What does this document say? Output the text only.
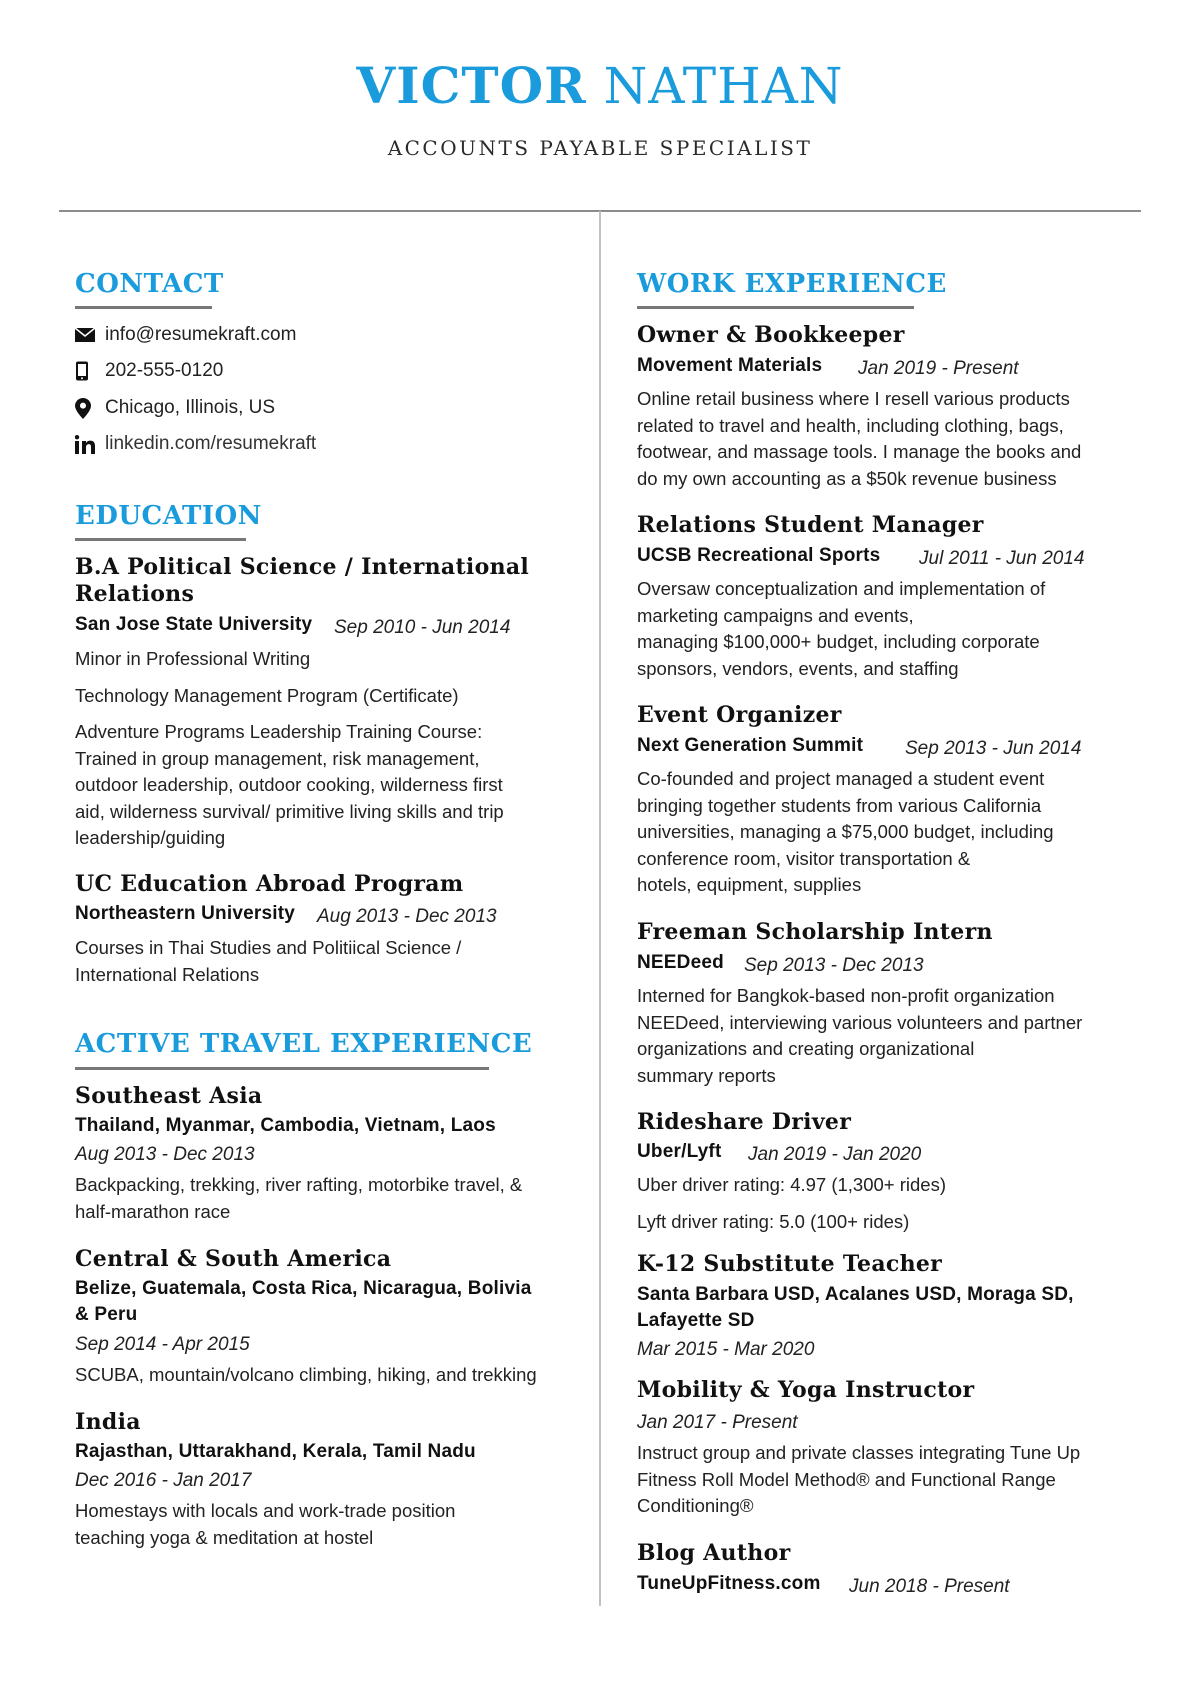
VICTOR NATHAN
ACCOUNTS PAYABLE SPECIALIST
CONTACT
info@resumekraft.com
202-555-0120
Chicago, Illinois, US
linkedin.com/resumekraft
EDUCATION
B.A Political Science / International
Relations
San Jose State University Sep 2010 - Jun 2014
Minor in Professional Writing
Technology Management Program (Certificate)
Adventure Programs Leadership Training Course:
Trained in group management, risk management,
outdoor leadership, outdoor cooking, wilderness first
aid, wilderness survival/ primitive living skills and trip
leadership/guiding
UC Education Abroad Program
Northeastern University Aug 2013 - Dec 2013
Courses in Thai Studies and Politiical Science /
International Relations
ACTIVE TRAVEL EXPERIENCE
Southeast Asia
Thailand, Myanmar, Cambodia, Vietnam, Laos
Aug 2013 - Dec 2013
Backpacking, trekking, river rafting, motorbike travel, &
half-marathon race
Central & South America
Belize, Guatemala, Costa Rica, Nicaragua, Bolivia
& Peru
Sep 2014 - Apr 2015
SCUBA, mountain/volcano climbing, hiking, and trekking
India
Rajasthan, Uttarakhand, Kerala, Tamil Nadu
Dec 2016 - Jan 2017
Homestays with locals and work-trade position
teaching yoga & meditation at hostel
WORK EXPERIENCE
Owner & Bookkeeper
Movement Materials Jan 2019 - Present
Online retail business where I resell various products
related to travel and health, including clothing, bags,
footwear, and massage tools. I manage the books and
do my own accounting as a $50k revenue business
Relations Student Manager
UCSB Recreational Sports Jul 2011 - Jun 2014
Oversaw conceptualization and implementation of
marketing campaigns and events,
managing $100,000+ budget, including corporate
sponsors, vendors, events, and staffing
Event Organizer
Next Generation Summit Sep 2013 - Jun 2014
Co-founded and project managed a student event
bringing together students from various California
universities, managing a $75,000 budget, including
conference room, visitor transportation &
hotels, equipment, supplies
Freeman Scholarship Intern
NEEDeed Sep 2013 - Dec 2013
Interned for Bangkok-based non-profit organization
NEEDeed, interviewing various volunteers and partner
organizations and creating organizational
summary reports
Rideshare Driver
Uber/Lyft Jan 2019 - Jan 2020
Uber driver rating: 4.97 (1,300+ rides)
Lyft driver rating: 5.0 (100+ rides)
K-12 Substitute Teacher
Santa Barbara USD, Acalanes USD, Moraga SD,
Lafayette SD
Mar 2015 - Mar 2020
Mobility & Yoga Instructor
Jan 2017 - Present
Instruct group and private classes integrating Tune Up
Fitness Roll Model Method® and Functional Range
Conditioning®
Blog Author
TuneUpFitness.com Jun 2018 - Present
